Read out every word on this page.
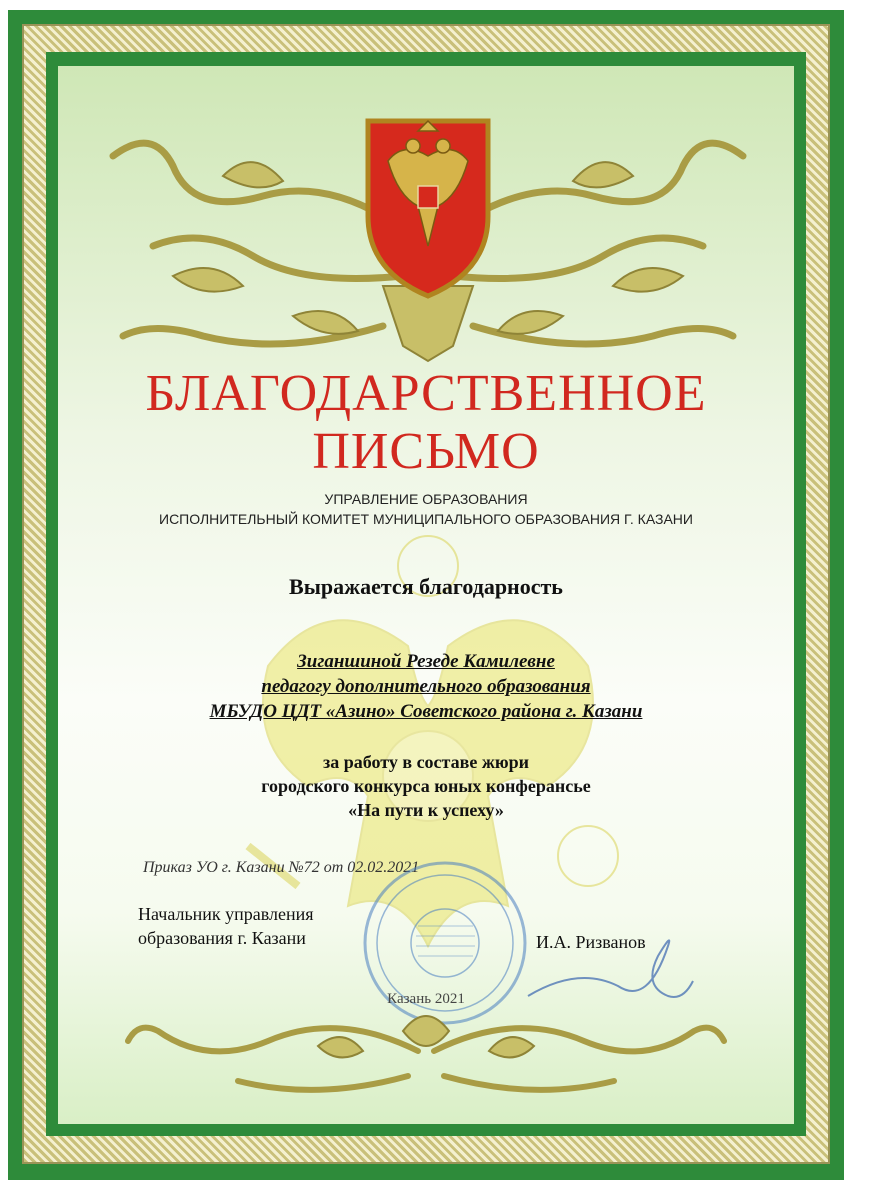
БЛАГОДАРСТВЕННОЕ
ПИСЬМО
УПРАВЛЕНИЕ ОБРАЗОВАНИЯ
ИСПОЛНИТЕЛЬНЫЙ КОМИТЕТ МУНИЦИПАЛЬНОГО ОБРАЗОВАНИЯ Г. КАЗАНИ
Выражается благодарность
Зиганшиной Резеде Камилевне
педагогу дополнительного образования
МБУДО ЦДТ «Азино» Советского района г. Казани
за работу в составе жюри
городского конкурса юных конферансье
«На пути к успеху»
Приказ УО г. Казани №72 от 02.02.2021
Начальник управления
образования г. Казани	И.А. Ризванов
Казань 2021
